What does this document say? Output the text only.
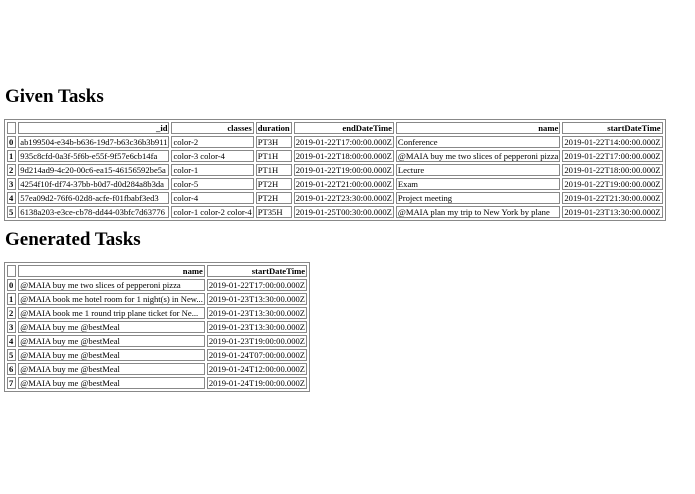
Given Tasks
	_id	classes	duration	endDateTime	name	startDateTime
0	ab199504-e34b-b636-19d7-b63c36b3b911	color-2	PT3H	2019-01-22T17:00:00.000Z	Conference	2019-01-22T14:00:00.000Z
1	935c8cfd-0a3f-5f6b-e55f-9f57e6cb14fa	color-3 color-4	PT1H	2019-01-22T18:00:00.000Z	@MAIA buy me two slices of pepperoni pizza	2019-01-22T17:00:00.000Z
2	9d214ad9-4c20-00c6-ea15-46156592be5a	color-1	PT1H	2019-01-22T19:00:00.000Z	Lecture	2019-01-22T18:00:00.000Z
3	4254f10f-df74-37bb-b0d7-d0d284a8b3da	color-5	PT2H	2019-01-22T21:00:00.000Z	Exam	2019-01-22T19:00:00.000Z
4	57ea09d2-76f6-02d8-acfe-f01fbabf3ed3	color-4	PT2H	2019-01-22T23:30:00.000Z	Project meeting	2019-01-22T21:30:00.000Z
5	6138a203-e3ce-cb78-dd44-03bfc7d63776	color-1 color-2 color-4	PT35H	2019-01-25T00:30:00.000Z	@MAIA plan my trip to New York by plane	2019-01-23T13:30:00.000Z
Generated Tasks
	name	startDateTime
0	@MAIA buy me two slices of pepperoni pizza	2019-01-22T17:00:00.000Z
1	@MAIA book me hotel room for 1 night(s) in New...	2019-01-23T13:30:00.000Z
2	@MAIA book me 1 round trip plane ticket for Ne...	2019-01-23T13:30:00.000Z
3	@MAIA buy me @bestMeal	2019-01-23T13:30:00.000Z
4	@MAIA buy me @bestMeal	2019-01-23T19:00:00.000Z
5	@MAIA buy me @bestMeal	2019-01-24T07:00:00.000Z
6	@MAIA buy me @bestMeal	2019-01-24T12:00:00.000Z
7	@MAIA buy me @bestMeal	2019-01-24T19:00:00.000Z
